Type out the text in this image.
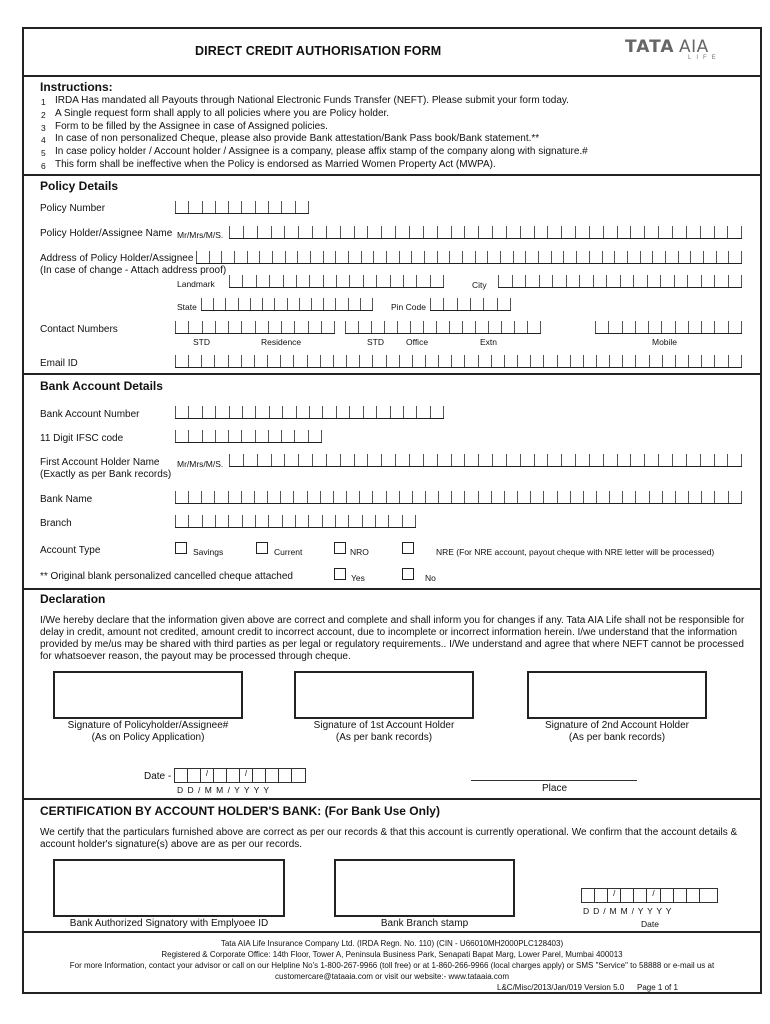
DIRECT CREDIT AUTHORISATION FORM	TATA AIA
LIFE
Instructions:
1 IRDA Has mandated all Payouts through National Electronic Funds Transfer (NEFT). Please submit your form today.
2 A Single request form shall apply to all policies where you are Policy holder.
3 Form to be filled by the Assignee in case of Assigned policies.
4 In case of non personalized Cheque, please also provide Bank attestation/Bank Pass book/Bank statement.**
5 In case policy holder / Account holder / Assignee is a company, please affix stamp of the company along with signature.#
6 This form shall be ineffective when the Policy is endorsed as Married Women Property Act (MWPA).
Policy Details
Policy Number
Policy Holder/Assignee Name Mr/Mrs/M/S.
Address of Policy Holder/Assignee
(In case of change - Attach address proof)
Landmark	City
State	Pin Code
Contact Numbers
STD	Residence	STD	Office	Extn	Mobile
Email ID
Bank Account Details
Bank Account Number
11 Digit IFSC code
First Account Holder Name
(Exactly as per Bank records)
Mr/Mrs/M/S.
Bank Name
Branch
Account Type	Savings	Current	NRO	NRE (For NRE account, payout cheque with NRE letter will be processed)
** Original blank personalized cancelled cheque attached	Yes	No
Declaration
I/We hereby declare that the information given above are correct and complete and shall inform you for changes if any. Tata AIA Life shall not be responsible for
delay in credit, amount not credited, amount credit to incorrect account, due to incomplete or incorrect information herein. I/we understand that the information
provided by me/us may be shared with third parties as per legal or regulatory requirements.. I/We understand and agree that where NEFT cannot be processed
for whatsoever reason, the payout may be processed through cheque.
Signature of Policyholder/Assignee#
(As on Policy Application)
Signature of 1st Account Holder
(As per bank records)
Signature of 2nd Account Holder
(As per bank records)
Date -	/	/
D D / M M / Y Y Y Y	Place
CERTIFICATION BY ACCOUNT HOLDER'S BANK: (For Bank Use Only)
We certify that the particulars furnished above are correct as per our records & that this account is currently operational. We confirm that the account details &
account holder's signature(s) above are as per our records.
Bank Authorized Signatory with Emplyoee ID	Bank Branch stamp
/	/
D D / M M / Y Y Y Y
Date
Tata AIA Life Insurance Company Ltd. (IRDA Regn. No. 110) (CIN - U66010MH2000PLC128403)
Registered & Corporate Office: 14th Floor, Tower A, Peninsula Business Park, Senapati Bapat Marg, Lower Parel, Mumbai 400013
For more Information, contact your advisor or call on our Helpline No's 1-800-267-9966 (toll free) or at 1-860-266-9966 (local charges apply) or SMS "Service" to 58888 or e-mail us at
customercare@tataaia.com or visit our website:- www.tataaia.com
L&C/Misc/2013/Jan/019 Version 5.0 Page 1 of 1
